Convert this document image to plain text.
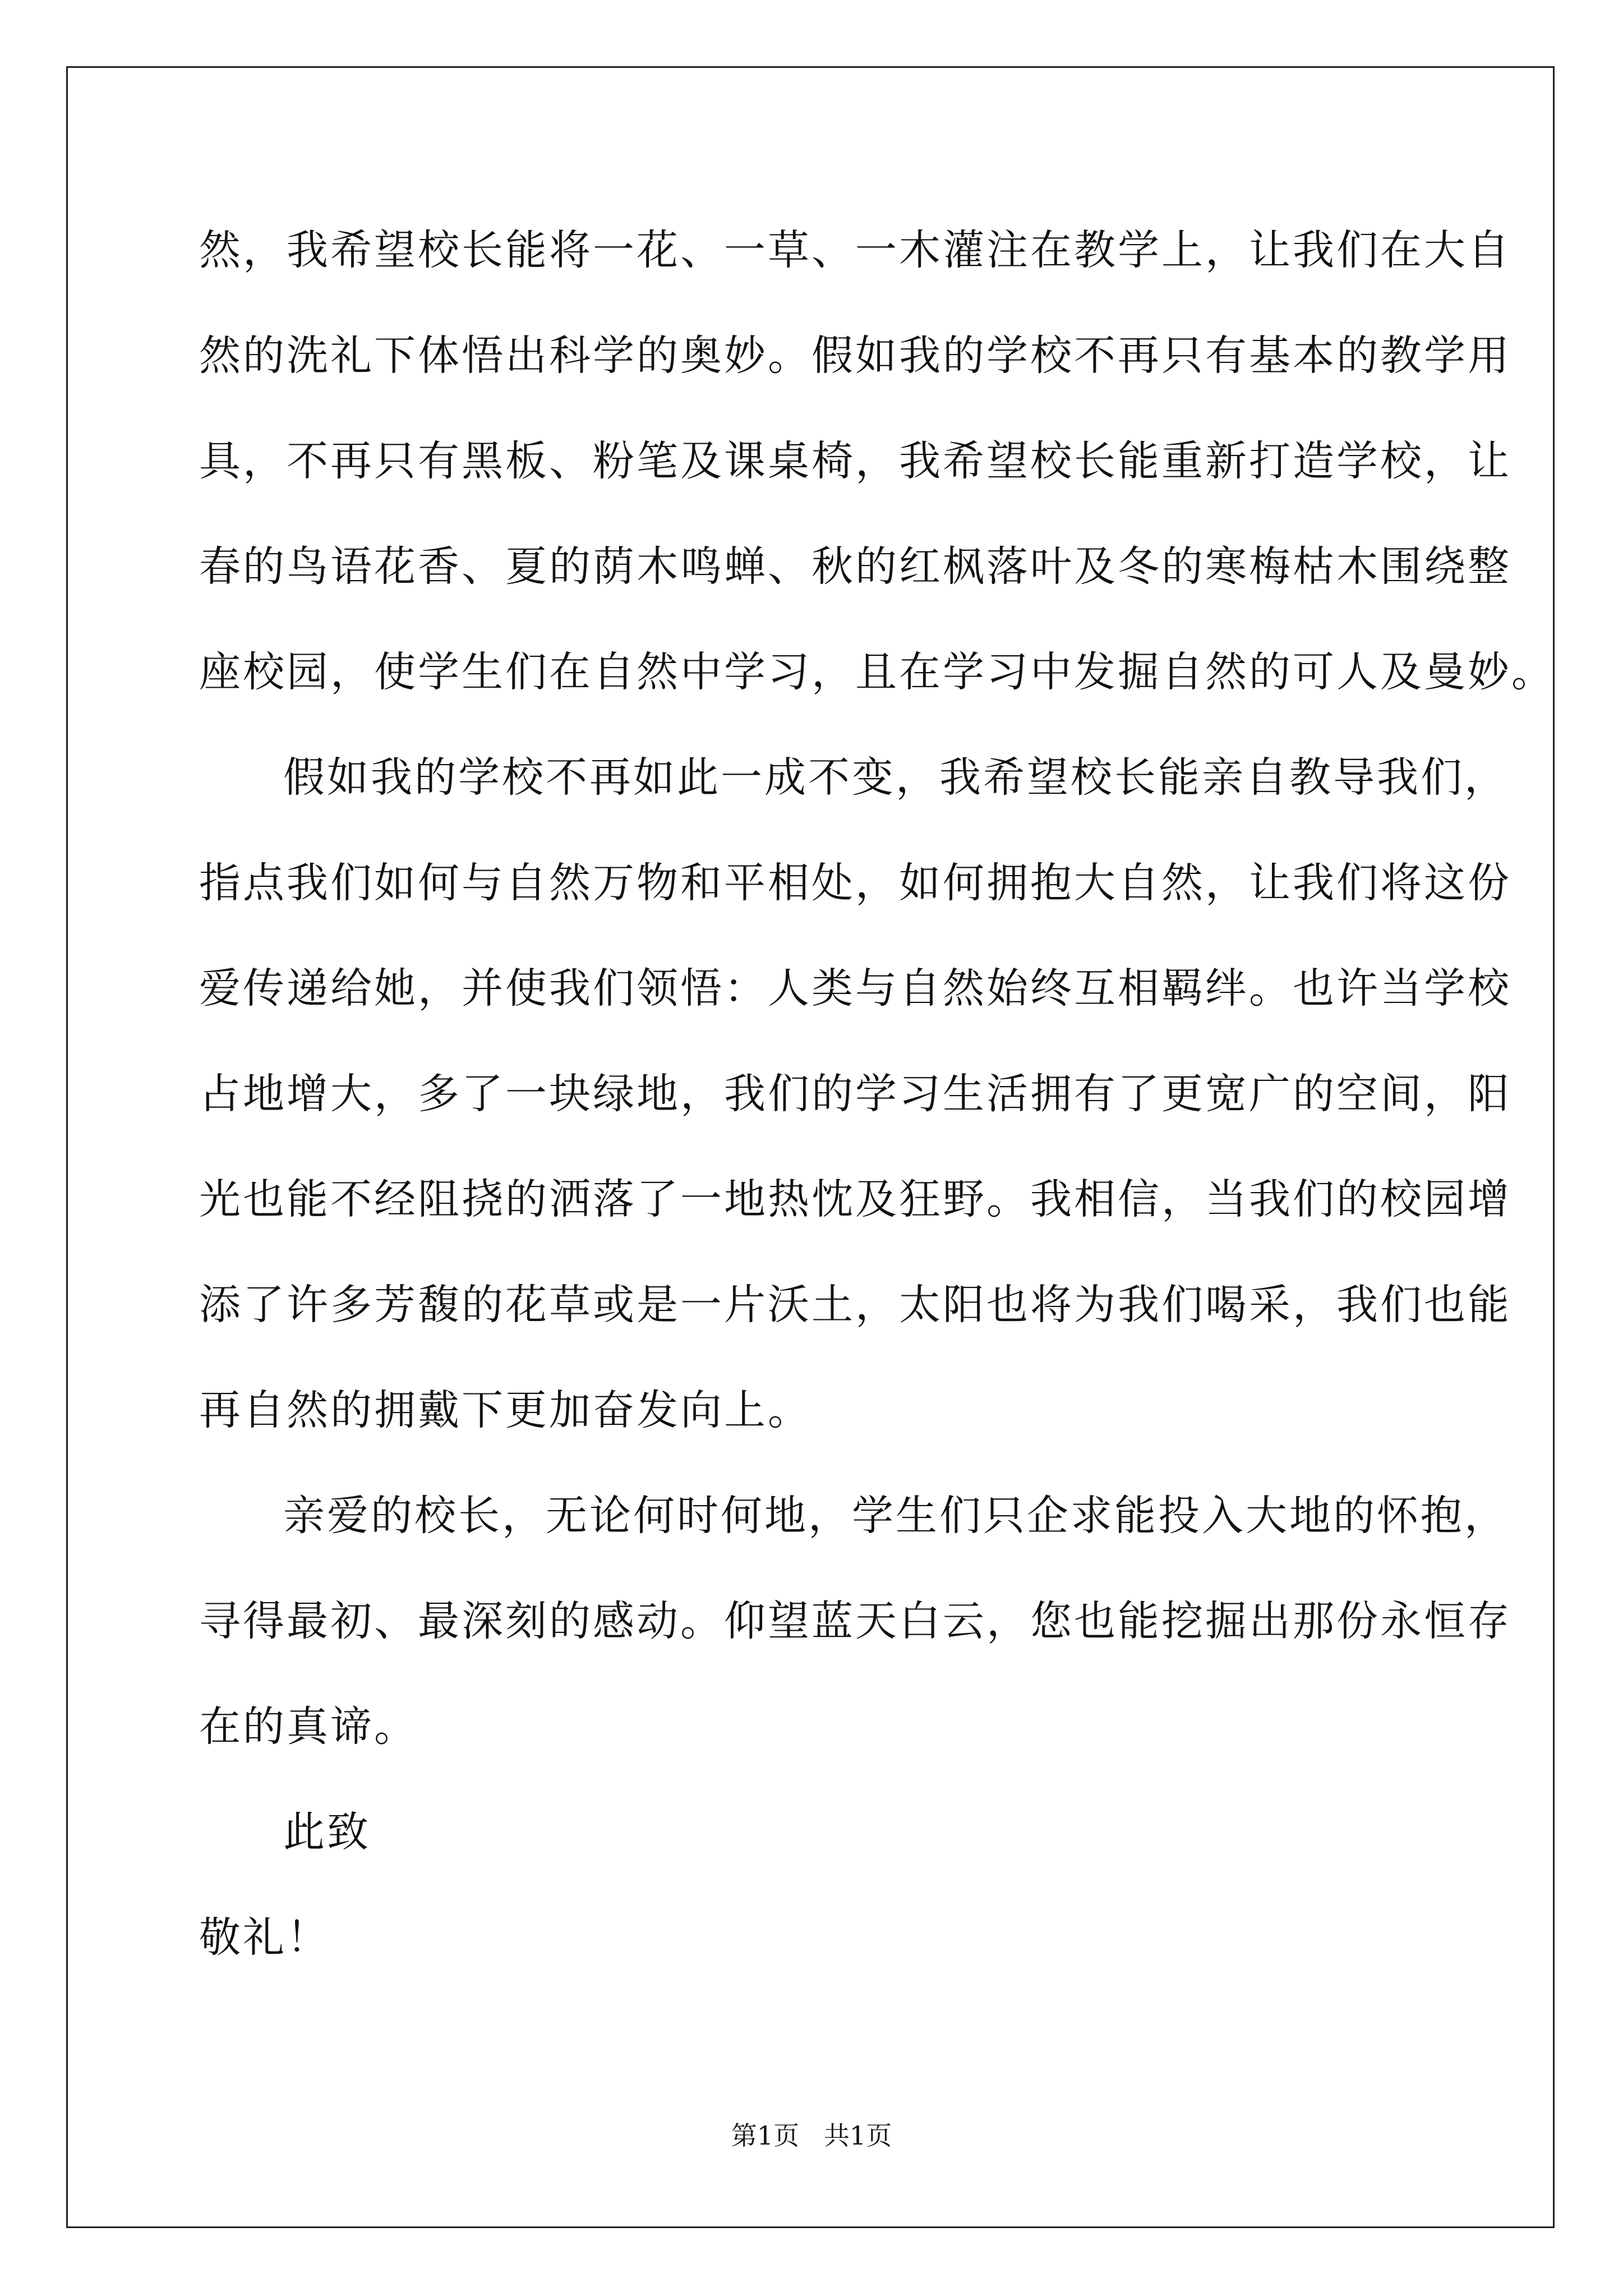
然，我希望校长能将一花、一草、一木灌注在教学上，让我们在大自
然的洗礼下体悟出科学的奥妙。假如我的学校不再只有基本的教学用
具，不再只有黑板、粉笔及课桌椅，我希望校长能重新打造学校，让
春的鸟语花香、夏的荫木鸣蝉、秋的红枫落叶及冬的寒梅枯木围绕整
座校园，使学生们在自然中学习，且在学习中发掘自然的可人及曼妙。
假如我的学校不再如此一成不变，我希望校长能亲自教导我们，
指点我们如何与自然万物和平相处，如何拥抱大自然，让我们将这份
爱传递给她，并使我们领悟：人类与自然始终互相羁绊。也许当学校
占地增大，多了一块绿地，我们的学习生活拥有了更宽广的空间，阳
光也能不经阻挠的洒落了一地热忱及狂野。我相信，当我们的校园增
添了许多芳馥的花草或是一片沃土，太阳也将为我们喝采，我们也能
再自然的拥戴下更加奋发向上。
亲爱的校长，无论何时何地，学生们只企求能投入大地的怀抱，
寻得最初、最深刻的感动。仰望蓝天白云，您也能挖掘出那份永恒存
在的真谛。
此致
敬礼！
第1页   共1页
